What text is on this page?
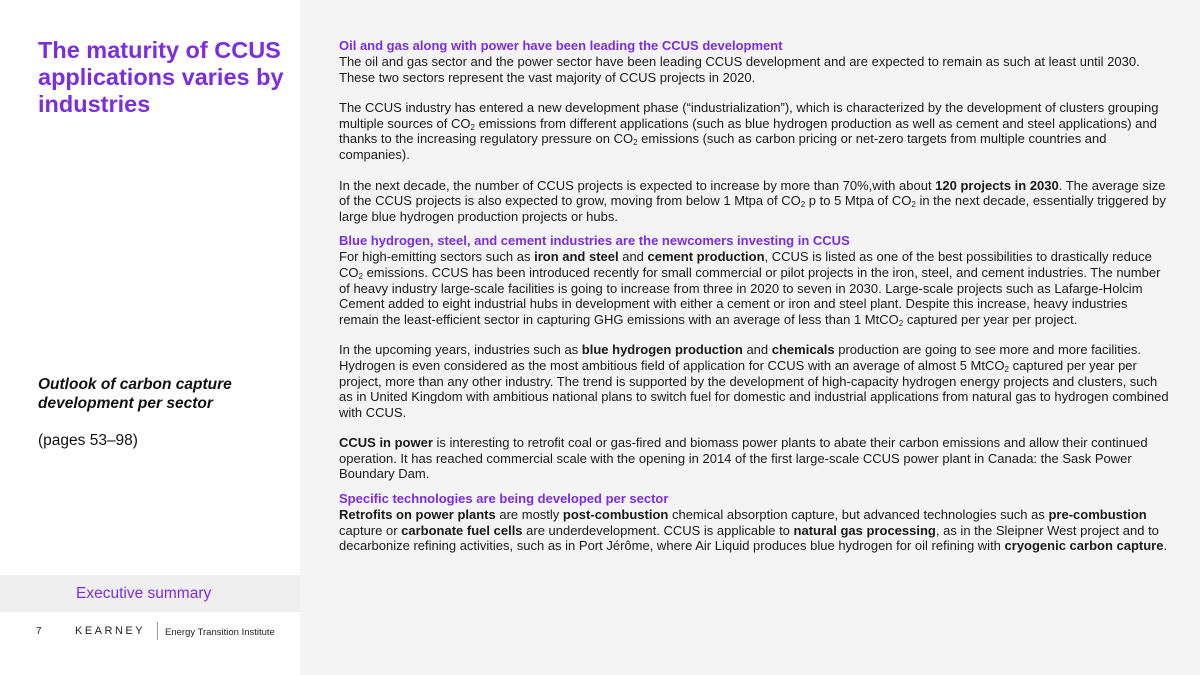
The maturity of CCUS applications varies by industries
Outlook of carbon capture development per sector
(pages 53–98)
Executive summary
7	KEARNEY Energy Transition Institute
Oil and gas along with power have been leading the CCUS development

The oil and gas sector and the power sector have been leading CCUS development and are expected to remain as such at least until 2030. These two sectors represent the vast majority of CCUS projects in 2020.

The CCUS industry has entered a new development phase (“industrialization”), which is characterized by the development of clusters grouping multiple sources of $CO_2$ emissions from different applications (such as blue hydrogen production as well as cement and steel applications) and thanks to the increasing regulatory pressure on $CO_2$ emissions (such as carbon pricing or net-zero targets from multiple countries and companies).

In the next decade, the number of CCUS projects is expected to increase by more than 70%,with about 120 projects in 2030. The average size of the CCUS projects is also expected to grow, moving from below 1 Mtpa of $CO_2$ p to 5 Mtpa of $CO_2$ in the next decade, essentially triggered by large blue hydrogen production projects or hubs.

Blue hydrogen, steel, and cement industries are the newcomers investing in CCUS

For high-emitting sectors such as iron and steel and cement production, CCUS is listed as one of the best possibilities to drastically reduce $CO_2$ emissions. CCUS has been introduced recently for small commercial or pilot projects in the iron, steel, and cement industries. The number of heavy industry large-scale facilities is going to increase from three in 2020 to seven in 2030. Large-scale projects such as Lafarge-Holcim Cement added to eight industrial hubs in development with either a cement or iron and steel plant. Despite this increase, heavy industries remain the least-efficient sector in capturing GHG emissions with an average of less than 1 MtCO$_2$ captured per year per project.

In the upcoming years, industries such as blue hydrogen production and chemicals production are going to see more and more facilities. Hydrogen is even considered as the most ambitious field of application for CCUS with an average of almost 5 MtCO$_2$ captured per year per project, more than any other industry. The trend is supported by the development of high-capacity hydrogen energy projects and clusters, such as in United Kingdom with ambitious national plans to switch fuel for domestic and industrial applications from natural gas to hydrogen combined with CCUS.

CCUS in power is interesting to retrofit coal or gas-fired and biomass power plants to abate their carbon emissions and allow their continued operation. It has reached commercial scale with the opening in 2014 of the first large-scale CCUS power plant in Canada: the Sask Power Boundary Dam.

Specific technologies are being developed per sector

Retrofits on power plants are mostly post-combustion chemical absorption capture, but advanced technologies such as pre-combustion capture or carbonate fuel cells are underdevelopment. CCUS is applicable to natural gas processing, as in the Sleipner West project and to decarbonize refining activities, such as in Port Jérôme, where Air Liquid produces blue hydrogen for oil refining with cryogenic carbon capture.
